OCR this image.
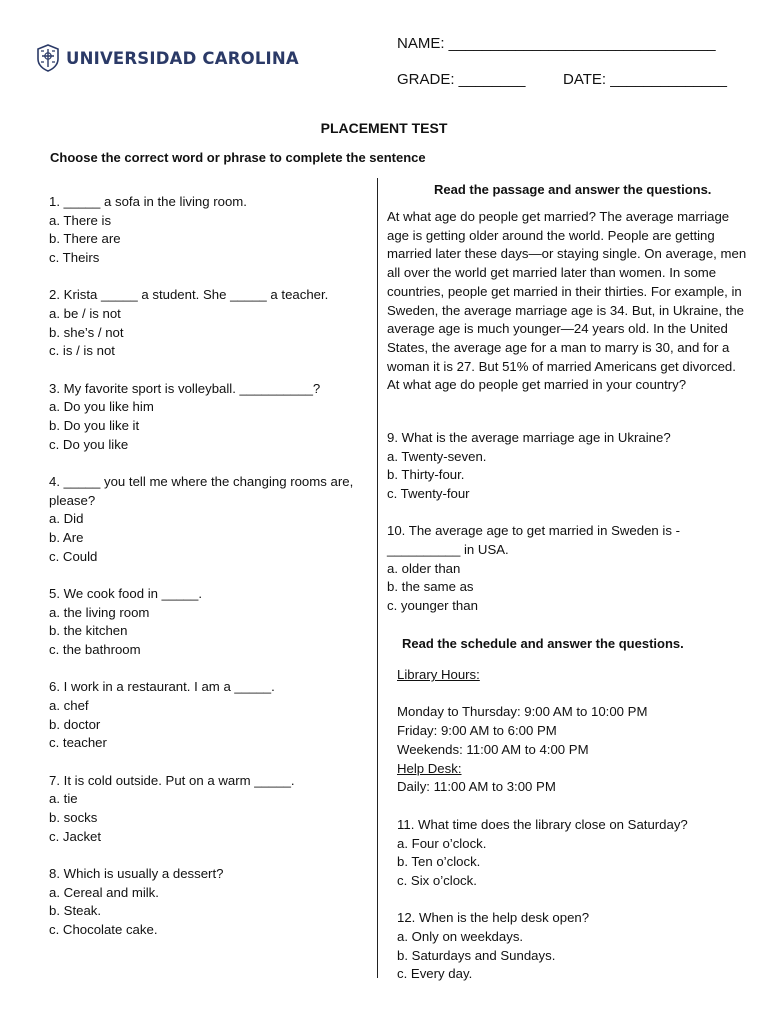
UNIVERSIDAD CAROLINA
NAME: ________________________________
GRADE: ________	DATE: ______________
PLACEMENT TEST
Choose the correct word or phrase to complete the sentence
1. _____ a sofa in the living room.
a. There is
b. There are
c. Theirs
2. Krista _____ a student. She _____ a teacher.
a. be / is not
b. she’s / not
c. is / is not
3. My favorite sport is volleyball. __________?
a. Do you like him
b. Do you like it
c. Do you like
4. _____ you tell me where the changing rooms are, please?
a. Did
b. Are
c. Could
5. We cook food in _____.
a. the living room
b. the kitchen
c. the bathroom
6. I work in a restaurant. I am a _____.
a. chef
b. doctor
c. teacher
7. It is cold outside. Put on a warm _____.
a. tie
b. socks
c. Jacket
8. Which is usually a dessert?
a. Cereal and milk.
b. Steak.
c. Chocolate cake.
Read the passage and answer the questions.
At what age do people get married? The average marriage age is getting older around the world. People are getting married later these days—or staying single. On average, men all over the world get married later than women. In some countries, people get married in their thirties. For example, in Sweden, the average marriage age is 34. But, in Ukraine, the average age is much younger—24 years old. In the United States, the average age for a man to marry is 30, and for a woman it is 27. But 51% of married Americans get divorced. At what age do people get married in your country?
9. What is the average marriage age in Ukraine?
a. Twenty-seven.
b. Thirty-four.
c. Twenty-four
10. The average age to get married in Sweden is - __________ in USA.
a. older than
b. the same as
c. younger than
Read the schedule and answer the questions.
Library Hours:
Monday to Thursday: 9:00 AM to 10:00 PM
Friday: 9:00 AM to 6:00 PM
Weekends: 11:00 AM to 4:00 PM
Help Desk:
Daily: 11:00 AM to 3:00 PM
11. What time does the library close on Saturday?
a. Four o’clock.
b. Ten o’clock.
c. Six o’clock.
12. When is the help desk open?
a. Only on weekdays.
b. Saturdays and Sundays.
c. Every day.
